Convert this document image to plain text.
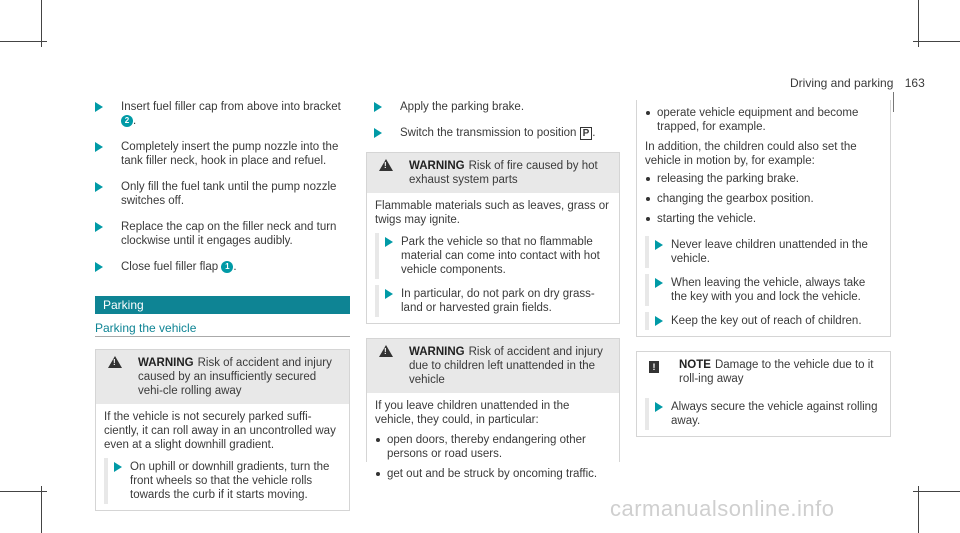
Driving and parking 163
Insert fuel filler cap from above into bracket
2 .
Completely insert the pump nozzle into the tank filler neck, hook in place and refuel.
Only fill the fuel tank until the pump nozzle switches off.
Replace the cap on the filler neck and turn clockwise until it engages audibly.
Close fuel filler flap 1 .
Parking
Parking the vehicle
! WARNING Risk of accident and injury caused by an insufficiently secured vehi-cle rolling away

If the vehicle is not securely parked suffi-ciently, it can roll away in an uncontrolled way even at a slight downhill gradient.

On uphill or downhill gradients, turn the front wheels so that the vehicle rolls towards the curb if it starts moving.
Apply the parking brake.
Switch the transmission to position P .
! WARNING Risk of fire caused by hot exhaust system parts

Flammable materials such as leaves, grass or twigs may ignite.

Park the vehicle so that no flammable material can come into contact with hot vehicle components.
In particular, do not park on dry grass-land or harvested grain fields.
! WARNING Risk of accident and injury due to children left unattended in the vehicle

If you leave children unattended in the vehicle, they could, in particular:

open doors, thereby endangering other persons or road users.
get out and be struck by oncoming traffic.
operate vehicle equipment and become trapped, for example.

In addition, the children could also set the vehicle in motion by, for example:

releasing the parking brake.
changing the gearbox position.
starting the vehicle.
Never leave children unattended in the vehicle.
When leaving the vehicle, always take the key with you and lock the vehicle.
Keep the key out of reach of children.
!	NOTE Damage to the vehicle due to it roll-ing away
Always secure the vehicle against rolling away.
carmanualsonline.info
